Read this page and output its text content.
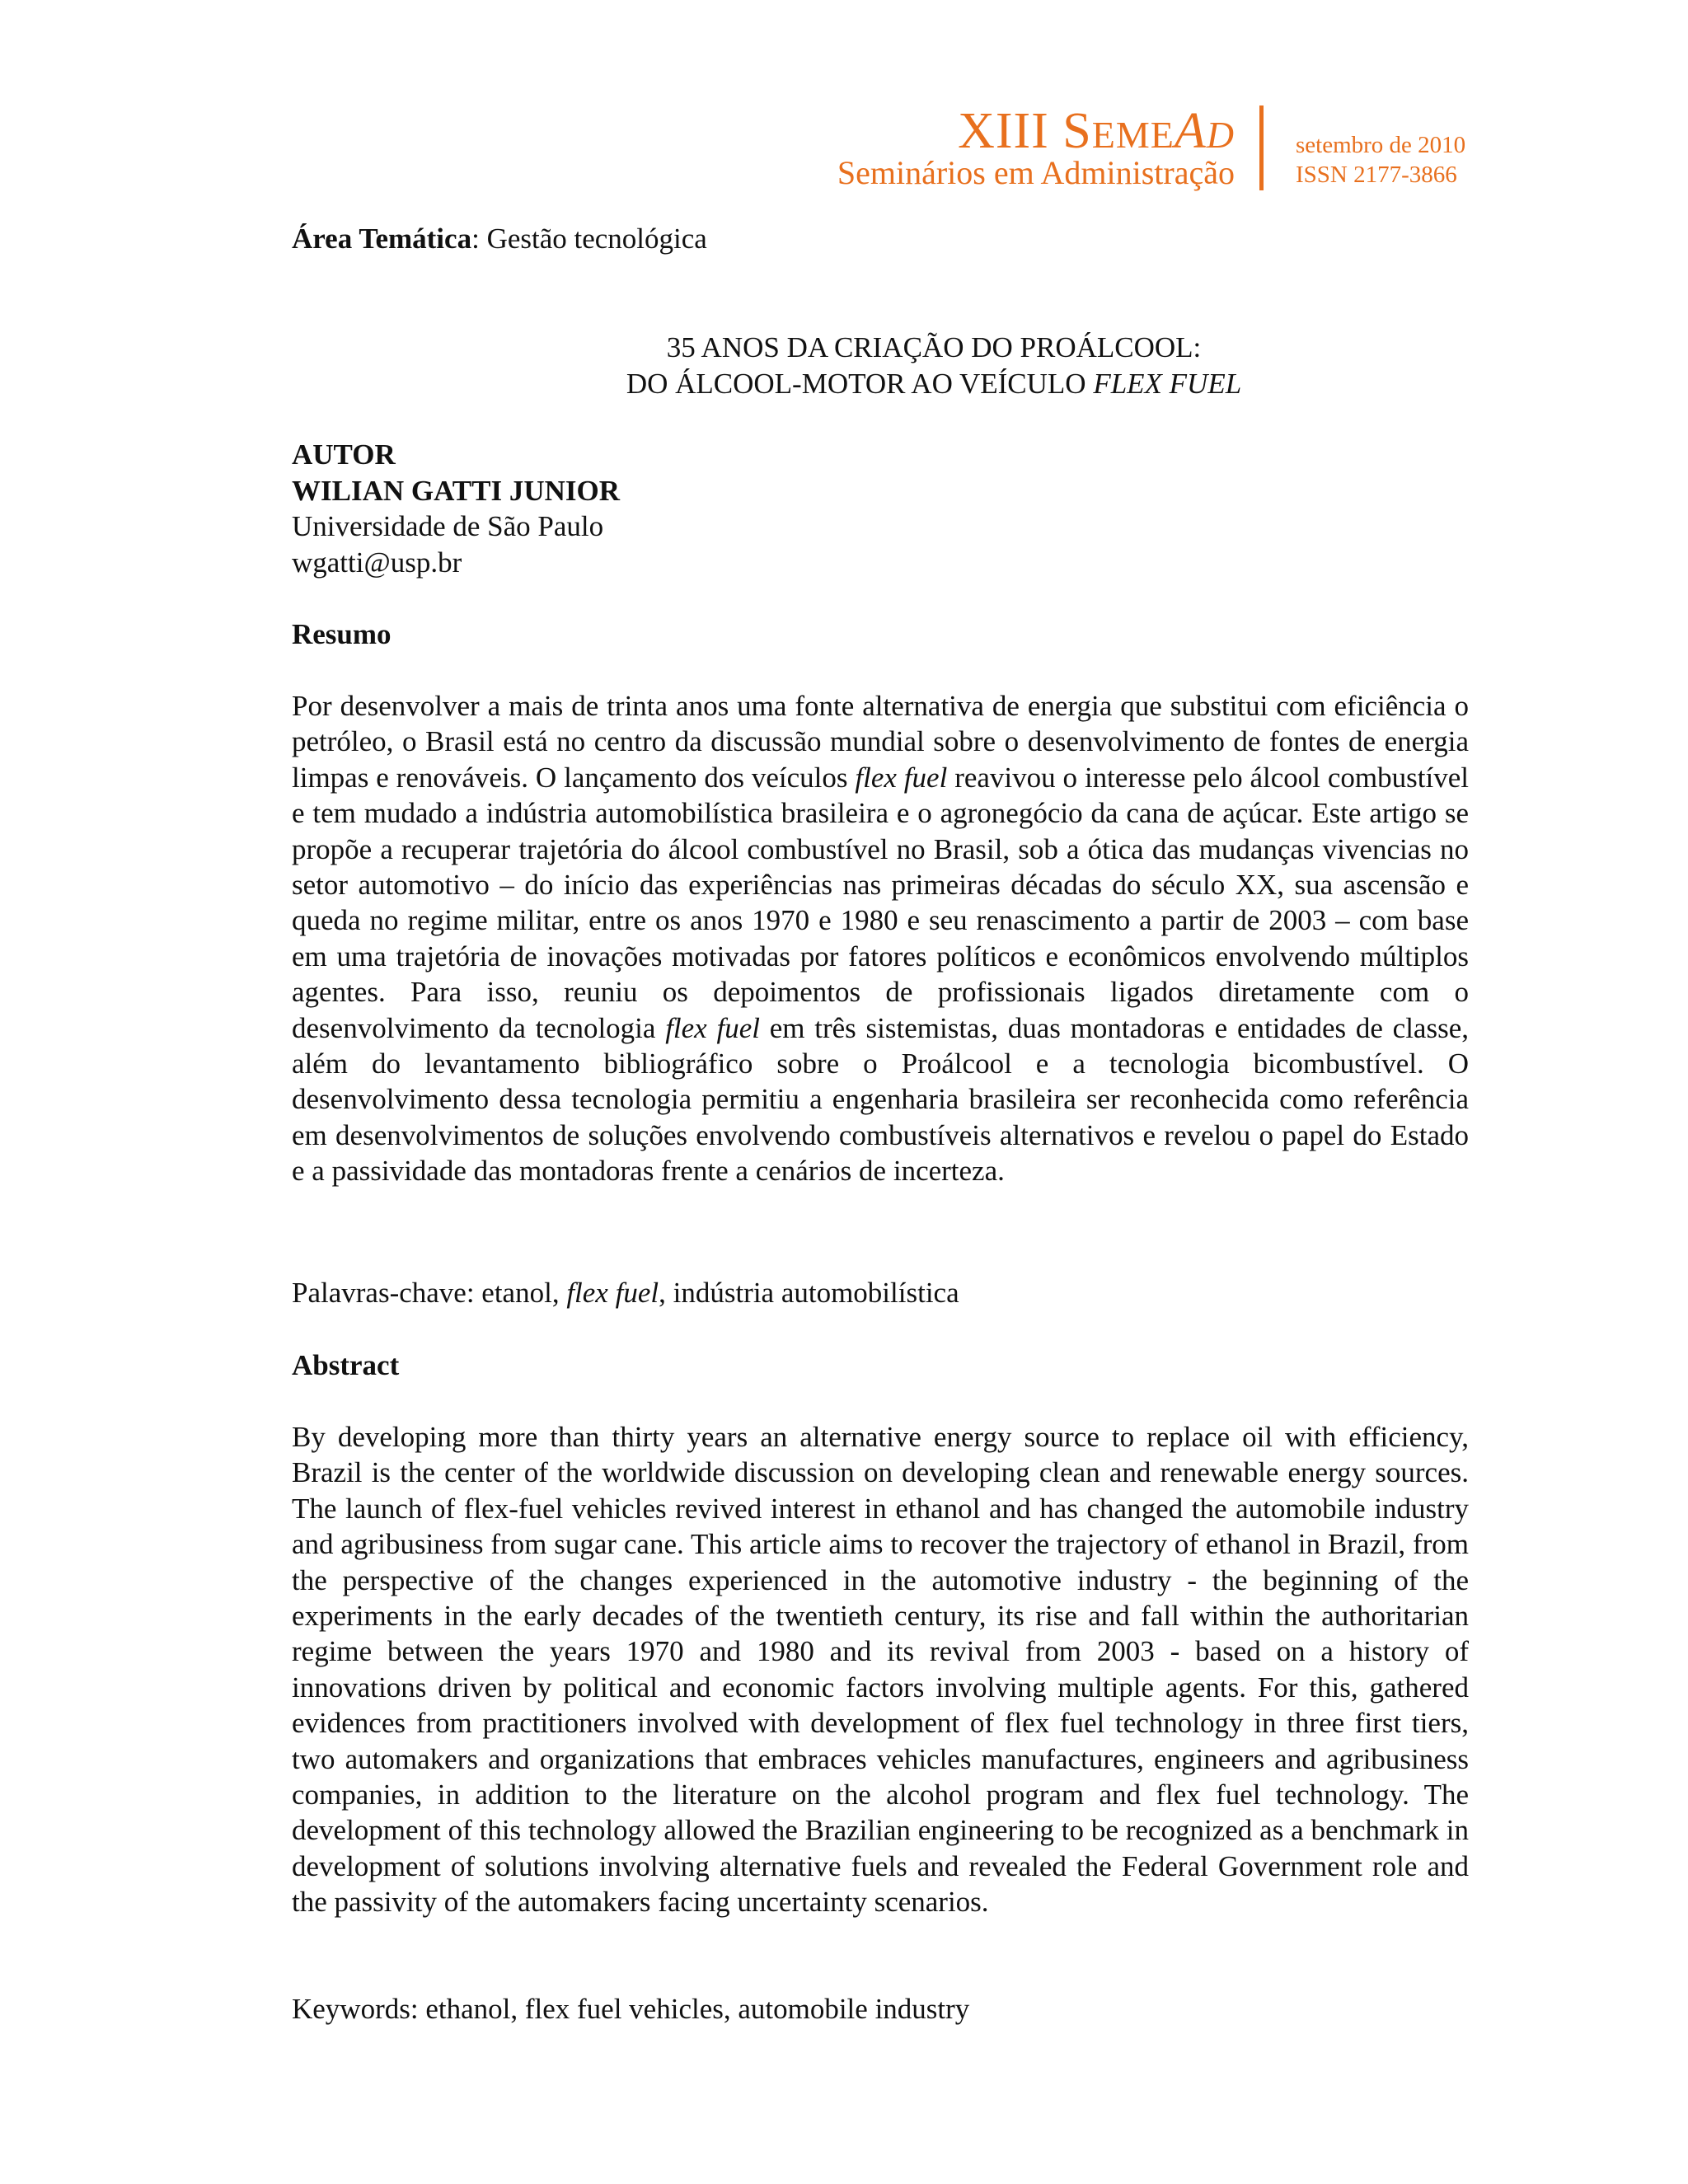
XIII SEMEAD
Seminários em Administração
setembro de 2010
ISSN 2177-3866
Área Temática: Gestão tecnológica
35 ANOS DA CRIAÇÃO DO PROÁLCOOL:
DO ÁLCOOL-MOTOR AO VEÍCULO FLEX FUEL
AUTOR
WILIAN GATTI JUNIOR
Universidade de São Paulo
wgatti@usp.br
Resumo

Por desenvolver a mais de trinta anos uma fonte alternativa de energia que substitui com eficiência o petróleo, o Brasil está no centro da discussão mundial sobre o desenvolvimento de fontes de energia limpas e renováveis. O lançamento dos veículos flex fuel reavivou o interesse pelo álcool combustível e tem mudado a indústria automobilística brasileira e o agronegócio da cana de açúcar. Este artigo se propõe a recuperar trajetória do álcool combustível no Brasil, sob a ótica das mudanças vivencias no setor automotivo – do início das experiências nas primeiras décadas do século XX, sua ascensão e queda no regime militar, entre os anos 1970 e 1980 e seu renascimento a partir de 2003 – com base em uma trajetória de inovações motivadas por fatores políticos e econômicos envolvendo múltiplos agentes. Para isso, reuniu os depoimentos de profissionais ligados diretamente com o desenvolvimento da tecnologia flex fuel em três sistemistas, duas montadoras e entidades de classe, além do levantamento bibliográfico sobre o Proálcool e a tecnologia bicombustível. O desenvolvimento dessa tecnologia permitiu a engenharia brasileira ser reconhecida como referência em desenvolvimentos de soluções envolvendo combustíveis alternativos e revelou o papel do Estado e a passividade das montadoras frente a cenários de incerteza.

Palavras-chave: etanol, flex fuel, indústria automobilística
Abstract

By developing more than thirty years an alternative energy source to replace oil with efficiency, Brazil is the center of the worldwide discussion on developing clean and renewable energy sources. The launch of flex-fuel vehicles revived interest in ethanol and has changed the automobile industry and agribusiness from sugar cane. This article aims to recover the trajectory of ethanol in Brazil, from the perspective of the changes experienced in the automotive industry - the beginning of the experiments in the early decades of the twentieth century, its rise and fall within the authoritarian regime between the years 1970 and 1980 and its revival from 2003 - based on a history of innovations driven by political and economic factors involving multiple agents. For this, gathered evidences from practitioners involved with development of flex fuel technology in three first tiers, two automakers and organizations that embraces vehicles manufactures, engineers and agribusiness companies, in addition to the literature on the alcohol program and flex fuel technology. The development of this technology allowed the Brazilian engineering to be recognized as a benchmark in development of solutions involving alternative fuels and revealed the Federal Government role and the passivity of the automakers facing uncertainty scenarios.

Keywords: ethanol, flex fuel vehicles, automobile industry
